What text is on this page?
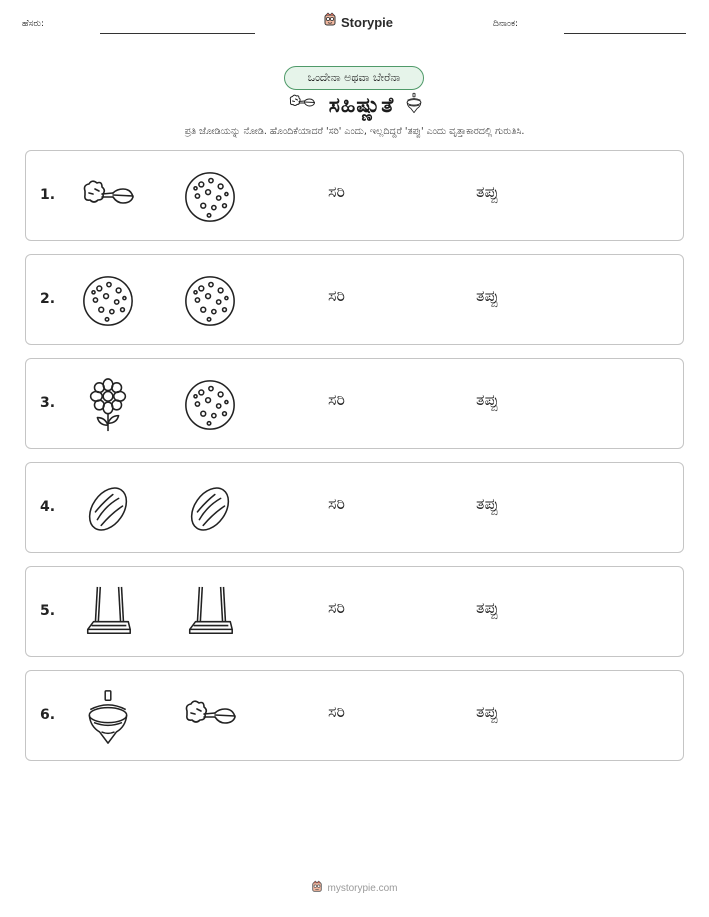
ಹೆಸರು:	Storypie	ದಿನಾಂಕ:
ಒಂದೇನಾ ಅಥವಾ ಬೇರೆನಾ
ಸಹಿಷ್ಣುತೆ
ಪ್ರತಿ ಜೋಡಿಯನ್ನು ನೋಡಿ. ಹೊಂದಿಕೆಯಾದರೆ 'ಸರಿ' ಎಂದು, ಇಲ್ಲದಿದ್ದರೆ 'ತಪ್ಪು' ಎಂದು ವೃತ್ತಾಕಾರದಲ್ಲಿ ಗುರುತಿಸಿ.
1.	ಸರಿ	ತಪ್ಪು
2.	ಸರಿ	ತಪ್ಪು
3.	ಸರಿ	ತಪ್ಪು
4.	ಸರಿ	ತಪ್ಪು
5.	ಸರಿ	ತಪ್ಪು
6.	ಸರಿ	ತಪ್ಪು
mystorypie.com
